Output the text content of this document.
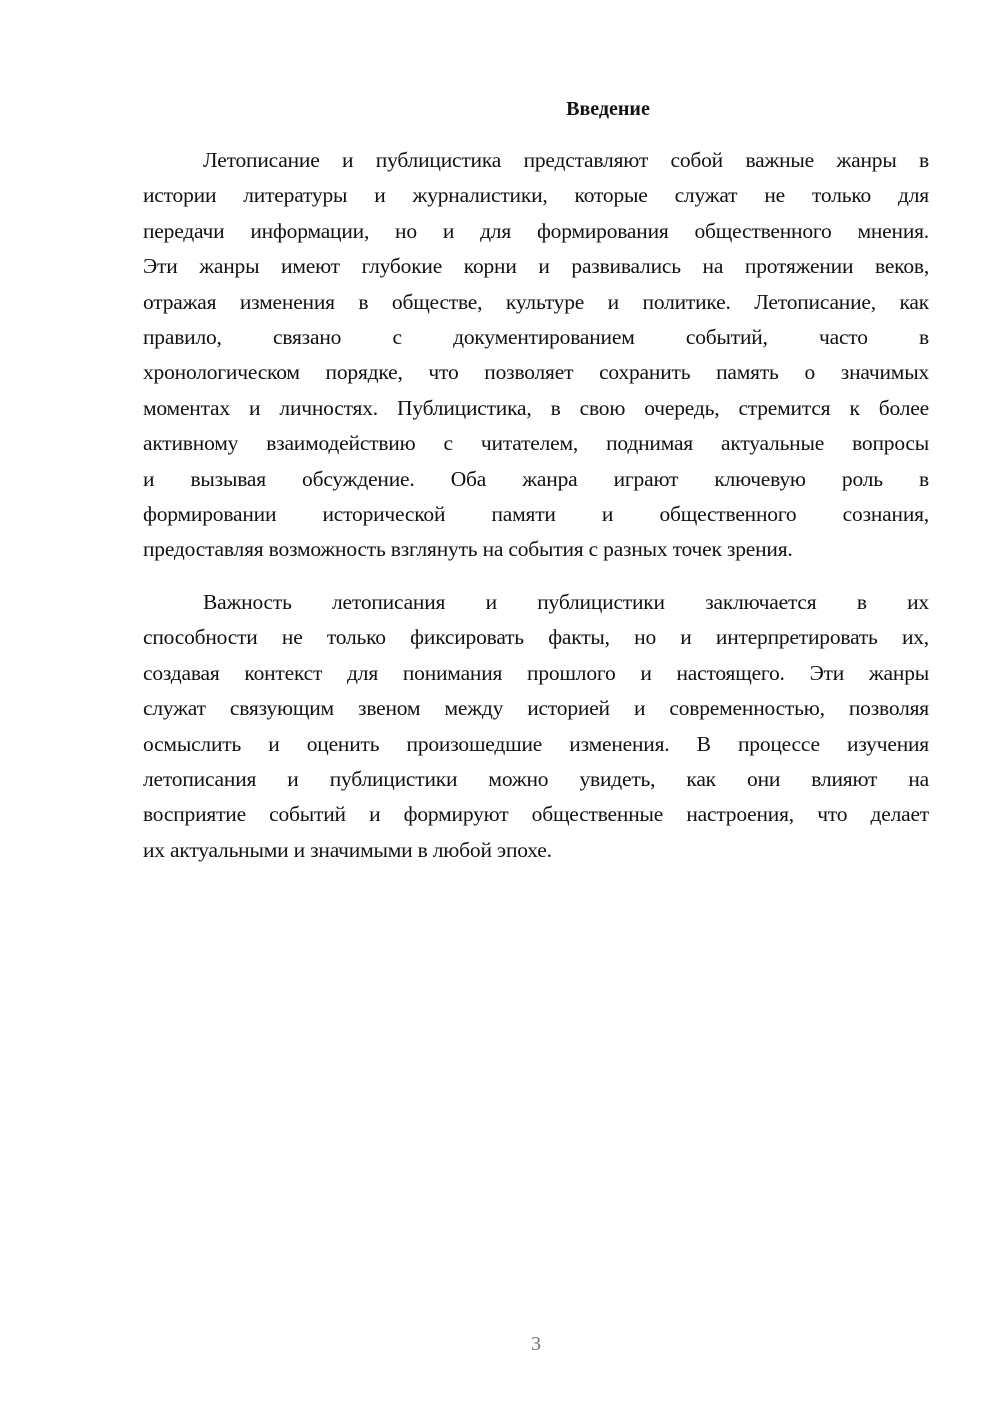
Введение
Летописание и публицистика представляют собой важные жанры в
истории литературы и журналистики, которые служат не только для
передачи информации, но и для формирования общественного мнения.
Эти жанры имеют глубокие корни и развивались на протяжении веков,
отражая изменения в обществе, культуре и политике. Летописание, как
правило, связано с документированием событий, часто в
хронологическом порядке, что позволяет сохранить память о значимых
моментах и личностях. Публицистика, в свою очередь, стремится к более
активному взаимодействию с читателем, поднимая актуальные вопросы
и вызывая обсуждение. Оба жанра играют ключевую роль в
формировании исторической памяти и общественного сознания,
предоставляя возможность взглянуть на события с разных точек зрения.
Важность летописания и публицистики заключается в их
способности не только фиксировать факты, но и интерпретировать их,
создавая контекст для понимания прошлого и настоящего. Эти жанры
служат связующим звеном между историей и современностью, позволяя
осмыслить и оценить произошедшие изменения. В процессе изучения
летописания и публицистики можно увидеть, как они влияют на
восприятие событий и формируют общественные настроения, что делает
их актуальными и значимыми в любой эпохе.
3
